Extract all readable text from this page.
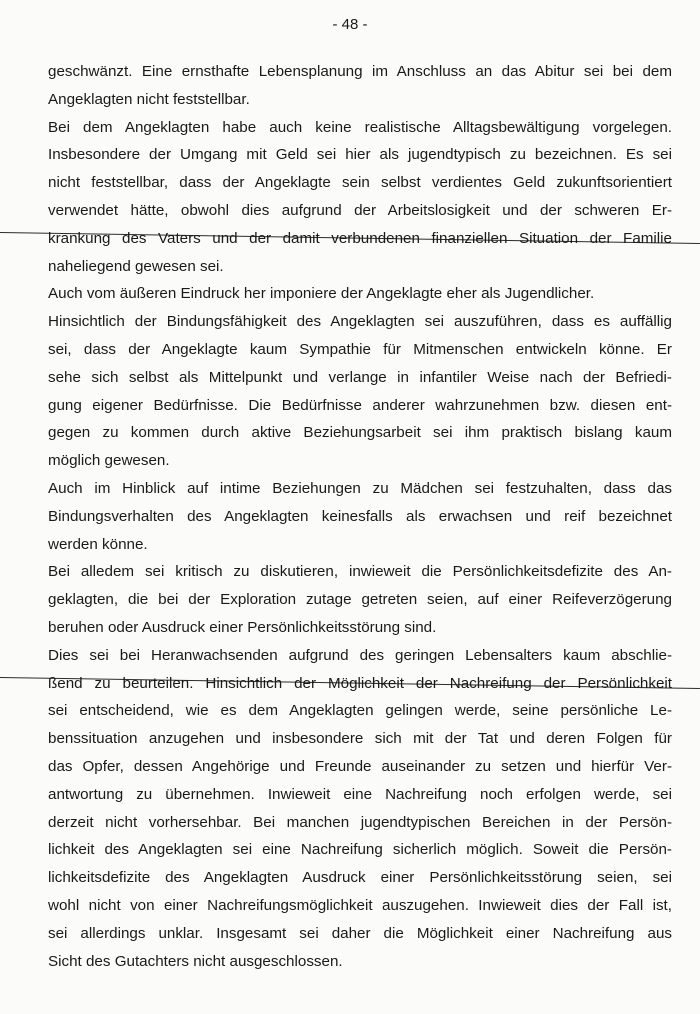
- 48 -
geschwänzt. Eine ernsthafte Lebensplanung im Anschluss an das Abitur sei bei dem
Angeklagten nicht feststellbar.
Bei dem Angeklagten habe auch keine realistische Alltagsbewältigung vorgelegen.
Insbesondere der Umgang mit Geld sei hier als jugendtypisch zu bezeichnen. Es sei
nicht feststellbar, dass der Angeklagte sein selbst verdientes Geld zukunftsorientiert
verwendet hätte, obwohl dies aufgrund der Arbeitslosigkeit und der schweren Er-
krankung des Vaters und der damit verbundenen finanziellen Situation der Familie
naheliegend gewesen sei.
Auch vom äußeren Eindruck her imponiere der Angeklagte eher als Jugendlicher.
Hinsichtlich der Bindungsfähigkeit des Angeklagten sei auszuführen, dass es auffällig
sei, dass der Angeklagte kaum Sympathie für Mitmenschen entwickeln könne. Er
sehe sich selbst als Mittelpunkt und verlange in infantiler Weise nach der Befriedi-
gung eigener Bedürfnisse. Die Bedürfnisse anderer wahrzunehmen bzw. diesen ent-
gegen zu kommen durch aktive Beziehungsarbeit sei ihm praktisch bislang kaum
möglich gewesen.
Auch im Hinblick auf intime Beziehungen zu Mädchen sei festzuhalten, dass das
Bindungsverhalten des Angeklagten keinesfalls als erwachsen und reif bezeichnet
werden könne.
Bei alledem sei kritisch zu diskutieren, inwieweit die Persönlichkeitsdefizite des An-
geklagten, die bei der Exploration zutage getreten seien, auf einer Reifeverzögerung
beruhen oder Ausdruck einer Persönlichkeitsstörung sind.
Dies sei bei Heranwachsenden aufgrund des geringen Lebensalters kaum abschlie-
ßend zu beurteilen. Hinsichtlich der Möglichkeit der Nachreifung der Persönlichkeit
sei entscheidend, wie es dem Angeklagten gelingen werde, seine persönliche Le-
benssituation anzugehen und insbesondere sich mit der Tat und deren Folgen für
das Opfer, dessen Angehörige und Freunde auseinander zu setzen und hierfür Ver-
antwortung zu übernehmen. Inwieweit eine Nachreifung noch erfolgen werde, sei
derzeit nicht vorhersehbar. Bei manchen jugendtypischen Bereichen in der Persön-
lichkeit des Angeklagten sei eine Nachreifung sicherlich möglich. Soweit die Persön-
lichkeitsdefizite des Angeklagten Ausdruck einer Persönlichkeitsstörung seien, sei
wohl nicht von einer Nachreifungsmöglichkeit auszugehen. Inwieweit dies der Fall ist,
sei allerdings unklar. Insgesamt sei daher die Möglichkeit einer Nachreifung aus
Sicht des Gutachters nicht ausgeschlossen.
